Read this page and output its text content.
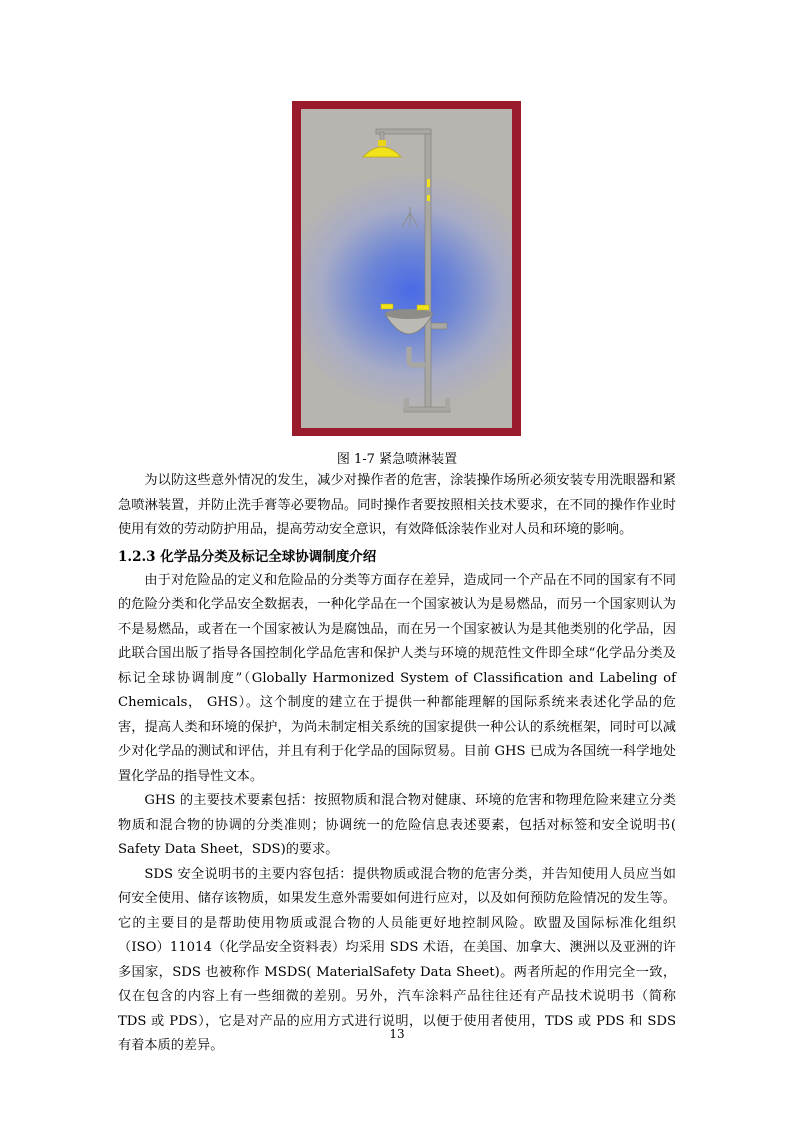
图 1-7 紧急喷淋装置

为以防这些意外情况的发生，减少对操作者的危害，涂装操作场所必须安装专用洗眼器和紧急喷淋装置，并防止洗手膏等必要物品。同时操作者要按照相关技术要求，在不同的操作作业时使用有效的劳动防护用品，提高劳动安全意识，有效降低涂装作业对人员和环境的影响。

1.2.3 化学品分类及标记全球协调制度介绍

由于对危险品的定义和危险品的分类等方面存在差异，造成同一个产品在不同的国家有不同的危险分类和化学品安全数据表，一种化学品在一个国家被认为是易燃品，而另一个国家则认为不是易燃品，或者在一个国家被认为是腐蚀品，而在另一个国家被认为是其他类别的化学品，因此联合国出版了指导各国控制化学品危害和保护人类与环境的规范性文件即全球“化学品分类及标记全球协调制度”（Globally Harmonized System of Classification and Labeling of Chemicals， GHS）。这个制度的建立在于提供一种都能理解的国际系统来表述化学品的危害，提高人类和环境的保护，为尚未制定相关系统的国家提供一种公认的系统框架，同时可以减少对化学品的测试和评估，并且有利于化学品的国际贸易。目前 GHS 已成为各国统一科学地处置化学品的指导性文本。

GHS 的主要技术要素包括：按照物质和混合物对健康、环境的危害和物理危险来建立分类物质和混合物的协调的分类准则；协调统一的危险信息表述要素，包括对标签和安全说明书( Safety Data Sheet，SDS)的要求。

SDS 安全说明书的主要内容包括：提供物质或混合物的危害分类，并告知使用人员应当如何安全使用、储存该物质，如果发生意外需要如何进行应对，以及如何预防危险情况的发生等。它的主要目的是帮助使用物质或混合物的人员能更好地控制风险。欧盟及国际标准化组织（ISO）11014（化学品安全资料表）均采用 SDS 术语，在美国、加拿大、澳洲以及亚洲的许多国家，SDS 也被称作 MSDS( MaterialSafety Data Sheet)。两者所起的作用完全一致，仅在包含的内容上有一些细微的差别。另外，汽车涂料产品往往还有产品技术说明书（简称 TDS 或 PDS），它是对产品的应用方式进行说明，以便于使用者使用，TDS 或 PDS 和 SDS 有着本质的差异。

13
